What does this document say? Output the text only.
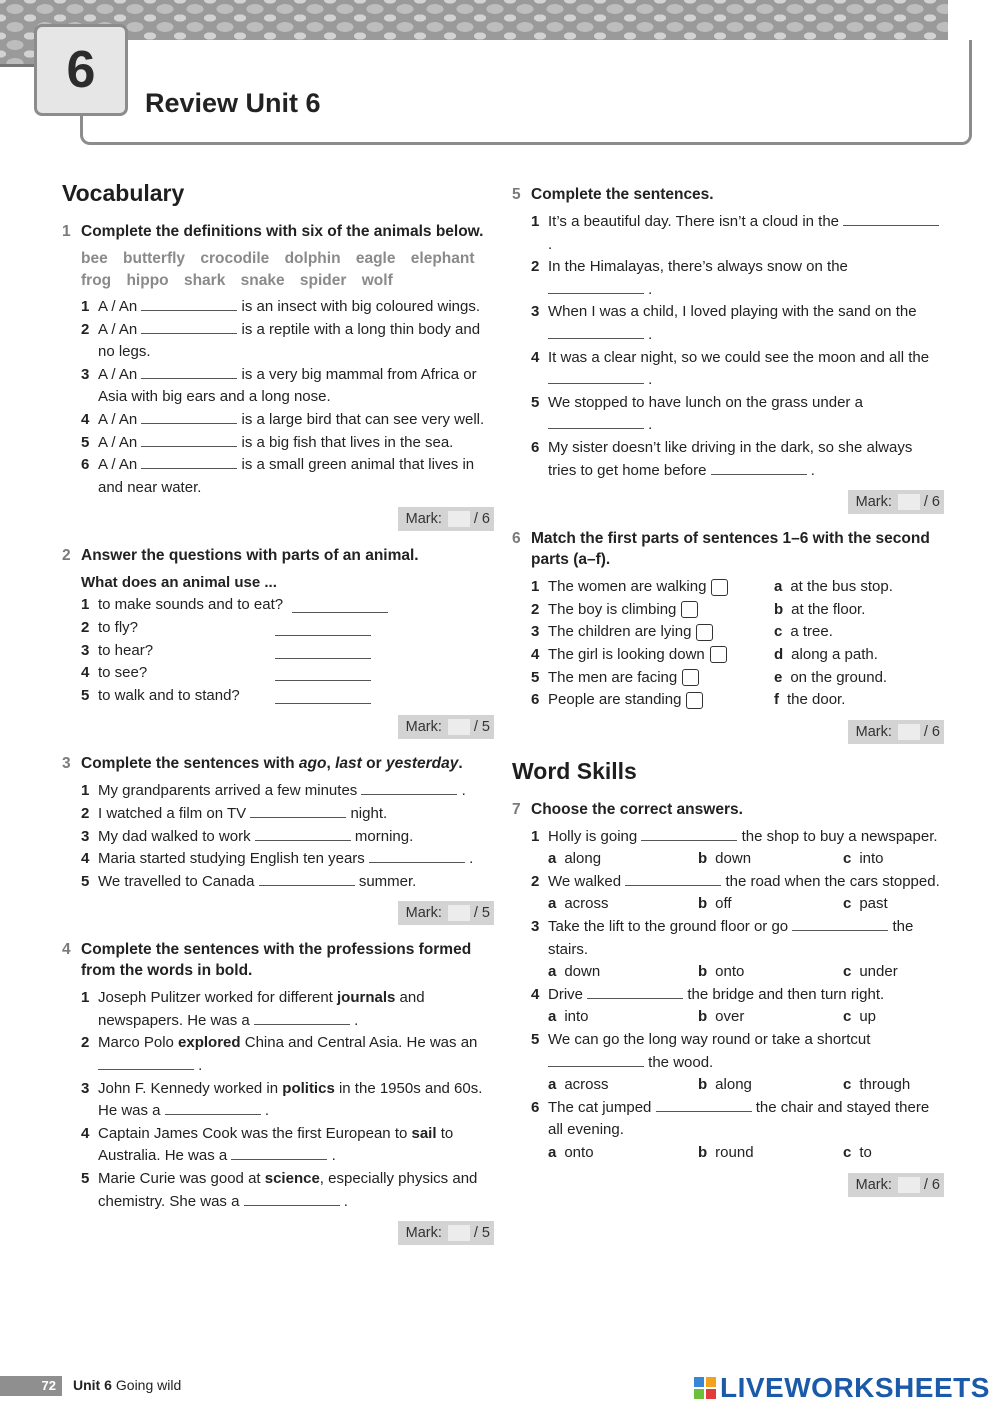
6
Review Unit 6
Vocabulary
1 Complete the definitions with six of the animals below.
bee butterfly crocodile dolphin eagle elephant frog hippo shark snake spider wolf
1 A / An	is an insect with big coloured wings.
2 A / An	is a reptile with a long thin body and no legs.
3 A / An	is a very big mammal from Africa or Asia with big ears and a long nose.
4 A / An	is a large bird that can see very well.
5 A / An	is a big fish that lives in the sea.
6 A / An	is a small green animal that lives in and near water.
Mark: / 6
2 Answer the questions with parts of an animal.
What does an animal use ...
1 to make sounds and to eat?
2 to fly?
3 to hear?
4 to see?
5 to walk and to stand?
Mark: / 5
3 Complete the sentences with ago, last or yesterday.
1 My grandparents arrived a few minutes	.
2 I watched a film on TV	night.
3 My dad walked to work	morning.
4 Maria started studying English ten years	.
5 We travelled to Canada	summer.
Mark: / 5
4 Complete the sentences with the professions formed from the words in bold.
1 Joseph Pulitzer worked for different journals and newspapers. He was a	.
2 Marco Polo explored China and Central Asia. He was an
.
3 John F. Kennedy worked in politics in the 1950s and 60s. He was a	.
4 Captain James Cook was the first European to sail to Australia. He was a	.
5 Marie Curie was good at science, especially physics and chemistry. She was a	.
Mark: / 5
5 Complete the sentences.
1 It’s a beautiful day. There isn’t a cloud in the  .
2 In the Himalayas, there’s always snow on the
.
3 When I was a child, I loved playing with the sand on the
.
4 It was a clear night, so we could see the moon and all the
.
5 We stopped to have lunch on the grass under a
.
6 My sister doesn’t like driving in the dark, so she always tries to get home before	.
Mark: / 6
6 Match the first parts of sentences 1–6 with the second parts (a–f).
1 The women are walking	a at the bus stop.
2 The boy is climbing	b at the floor.
3 The children are lying	c a tree.
4 The girl is looking down	d along a path.
5 The men are facing	e on the ground.
6 People are standing	f the door.
Mark: / 6
Word Skills
7 Choose the correct answers.
1 Holly is going	the shop to buy a newspaper.
a along	b down	c into
2 We walked	the road when the cars stopped.
a across	b off	c past
3 Take the lift to the ground floor or go	the stairs.
a down	b onto	c under
4 Drive	the bridge and then turn right.
a into	b over	c up
5 We can go the long way round or take a shortcut
the wood.
a across	b along	c through
6 The cat jumped	the chair and stayed there all evening.
a onto	b round	c to
Mark: / 6
72	Unit 6 Going wild	LIVEWORKSHEETS
